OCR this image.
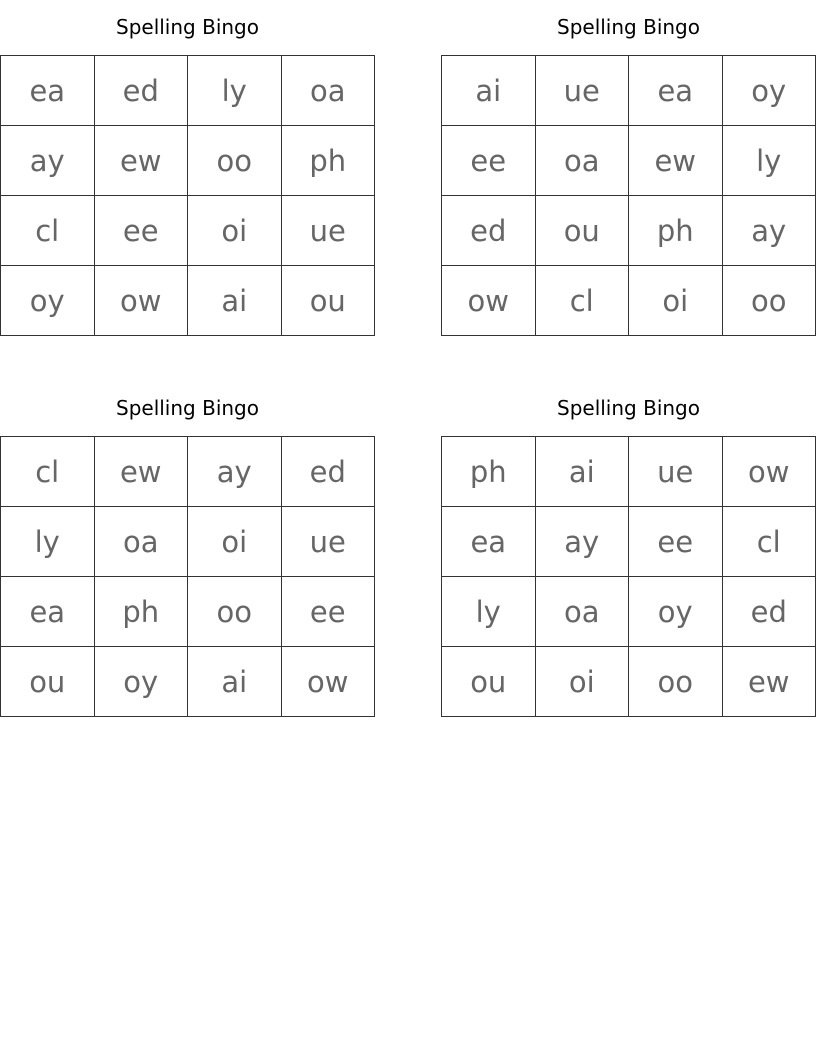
Spelling Bingo
ea	ed	ly	oa
ay	ew	oo	ph
cl	ee	oi	ue
oy	ow	ai	ou
Spelling Bingo
ai	ue	ea	oy
ee	oa	ew	ly
ed	ou	ph	ay
ow	cl	oi	oo
Spelling Bingo
cl	ew	ay	ed
ly	oa	oi	ue
ea	ph	oo	ee
ou	oy	ai	ow
Spelling Bingo
ph	ai	ue	ow
ea	ay	ee	cl
ly	oa	oy	ed
ou	oi	oo	ew
